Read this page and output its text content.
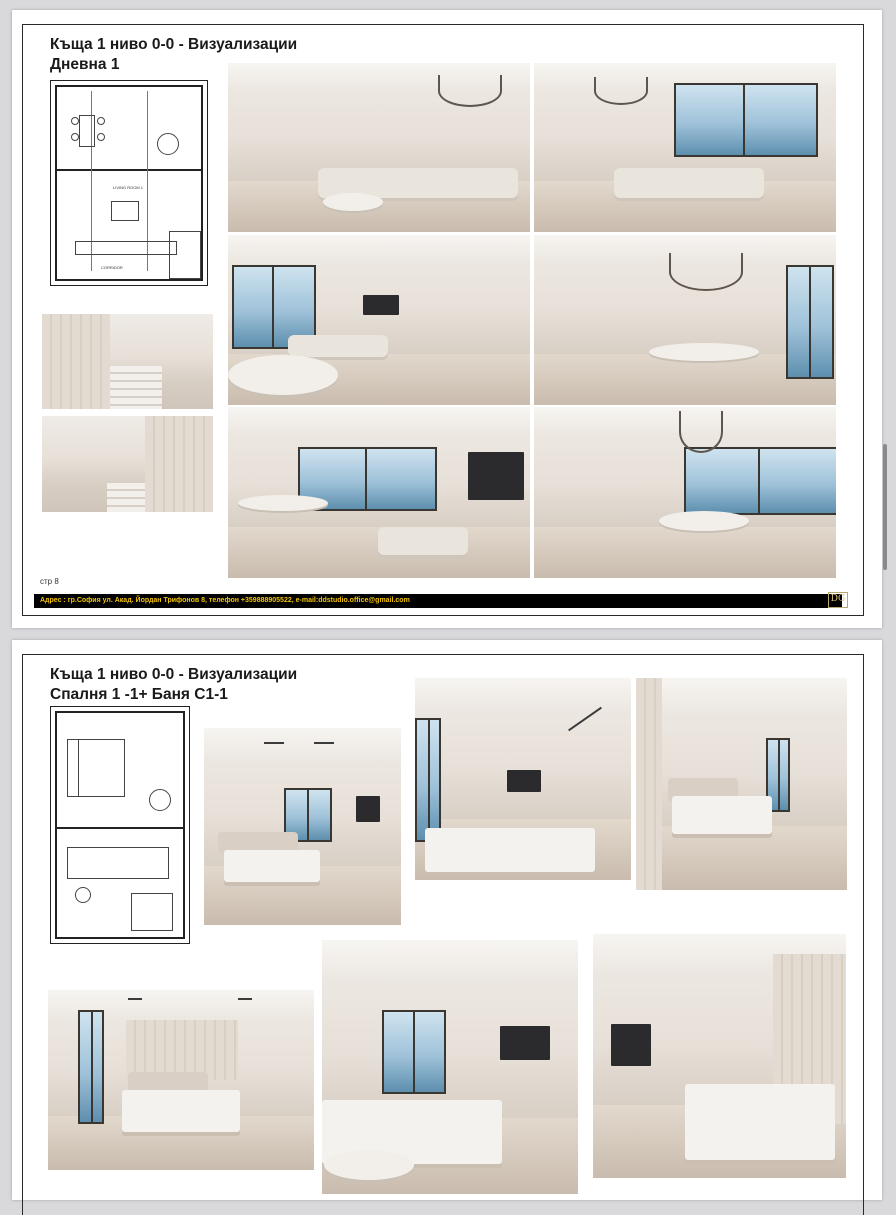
Къща 1 ниво 0-0 - Визуализации
Дневна 1
LIVING ROOM 1
CORRIDOR
стр 8
Адрес : гр.София ул. Акад. Йордан Трифонов 8, телефон +359888905522, e-mail:ddstudio.office@gmail.com	DG
Къща 1 ниво 0-0 - Визуализации
Спалня 1 -1+ Баня С1-1
